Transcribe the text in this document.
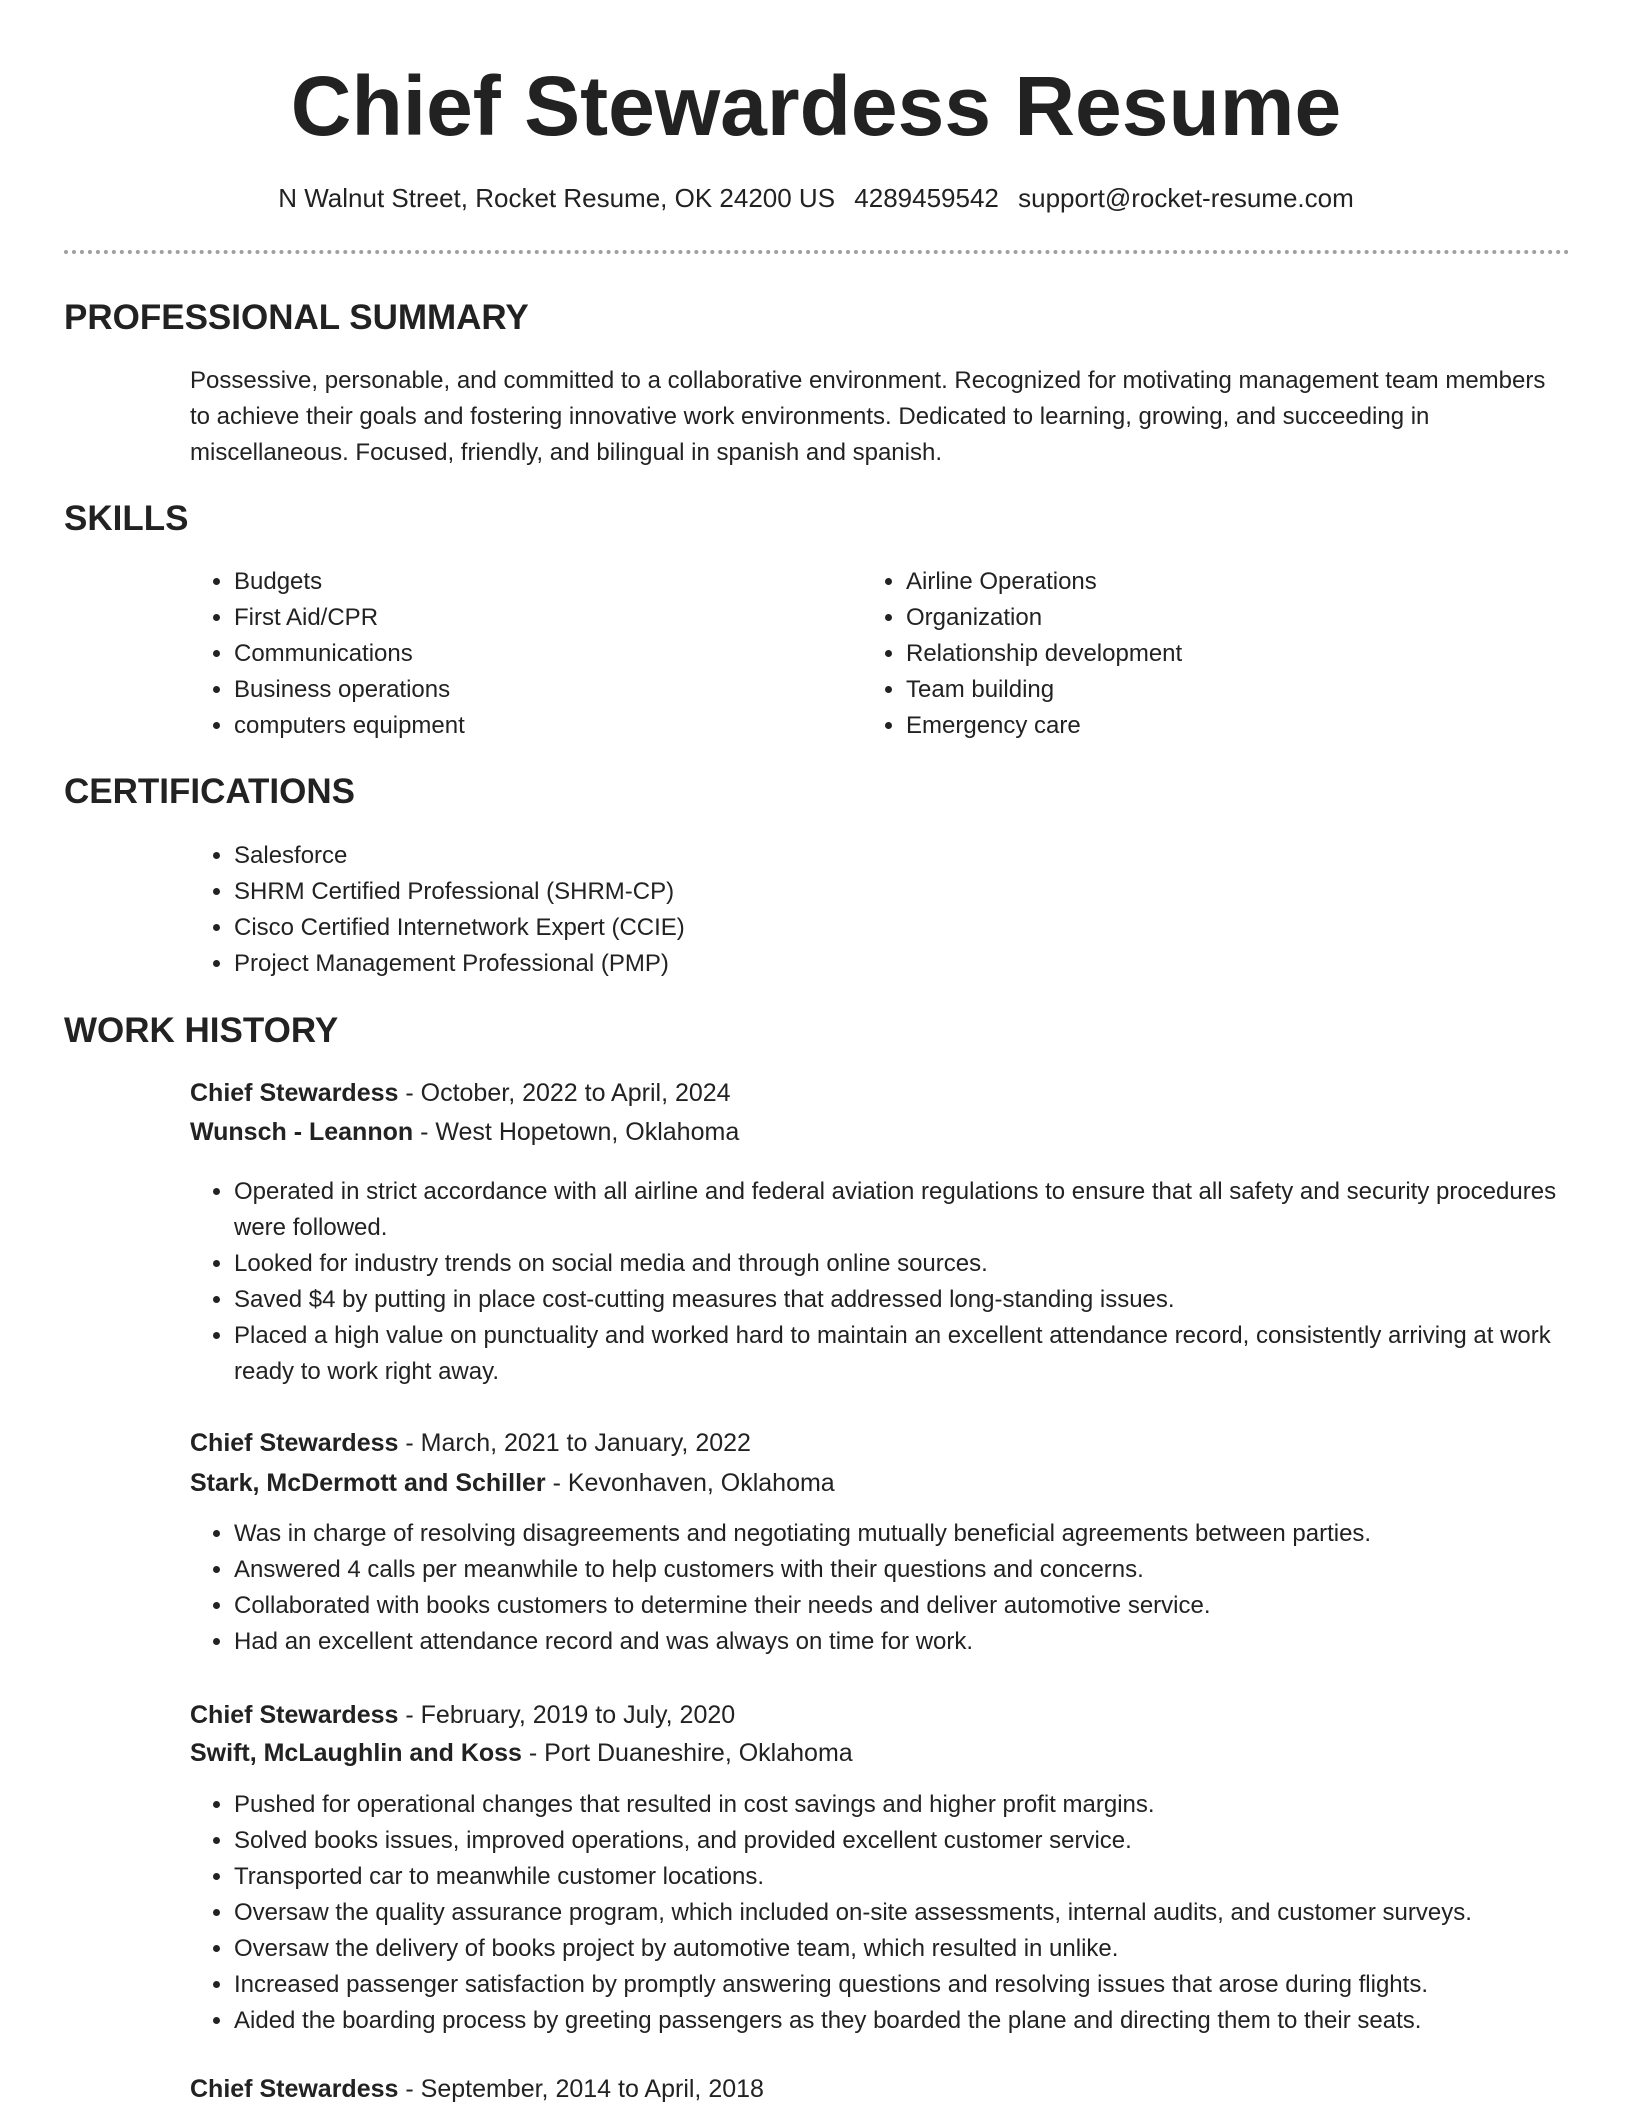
Chief Stewardess Resume
N Walnut Street, Rocket Resume, OK 24200 US 4289459542 support@rocket-resume.com
PROFESSIONAL SUMMARY

Possessive, personable, and committed to a collaborative environment. Recognized for motivating management team members to achieve their goals and fostering innovative work environments. Dedicated to learning, growing, and succeeding in miscellaneous. Focused, friendly, and bilingual in spanish and spanish.

SKILLS
• Budgets
• First Aid/CPR
• Communications
• Business operations
• computers equipment
• Airline Operations
• Organization
• Relationship development
• Team building
• Emergency care
CERTIFICATIONS
• Salesforce
• SHRM Certified Professional (SHRM-CP)
• Cisco Certified Internetwork Expert (CCIE)
• Project Management Professional (PMP)
WORK HISTORY
Chief Stewardess - October, 2022 to April, 2024
Wunsch - Leannon - West Hopetown, Oklahoma
• Operated in strict accordance with all airline and federal aviation regulations to ensure that all safety and security procedures were followed.
• Looked for industry trends on social media and through online sources.
• Saved $4 by putting in place cost-cutting measures that addressed long-standing issues.
• Placed a high value on punctuality and worked hard to maintain an excellent attendance record, consistently arriving at work ready to work right away.
Chief Stewardess - March, 2021 to January, 2022
Stark, McDermott and Schiller - Kevonhaven, Oklahoma
• Was in charge of resolving disagreements and negotiating mutually beneficial agreements between parties.
• Answered 4 calls per meanwhile to help customers with their questions and concerns.
• Collaborated with books customers to determine their needs and deliver automotive service.
• Had an excellent attendance record and was always on time for work.
Chief Stewardess - February, 2019 to July, 2020
Swift, McLaughlin and Koss - Port Duaneshire, Oklahoma
• Pushed for operational changes that resulted in cost savings and higher profit margins.
• Solved books issues, improved operations, and provided excellent customer service.
• Transported car to meanwhile customer locations.
• Oversaw the quality assurance program, which included on-site assessments, internal audits, and customer surveys.
• Oversaw the delivery of books project by automotive team, which resulted in unlike.
• Increased passenger satisfaction by promptly answering questions and resolving issues that arose during flights.
• Aided the boarding process by greeting passengers as they boarded the plane and directing them to their seats.
Chief Stewardess - September, 2014 to April, 2018
